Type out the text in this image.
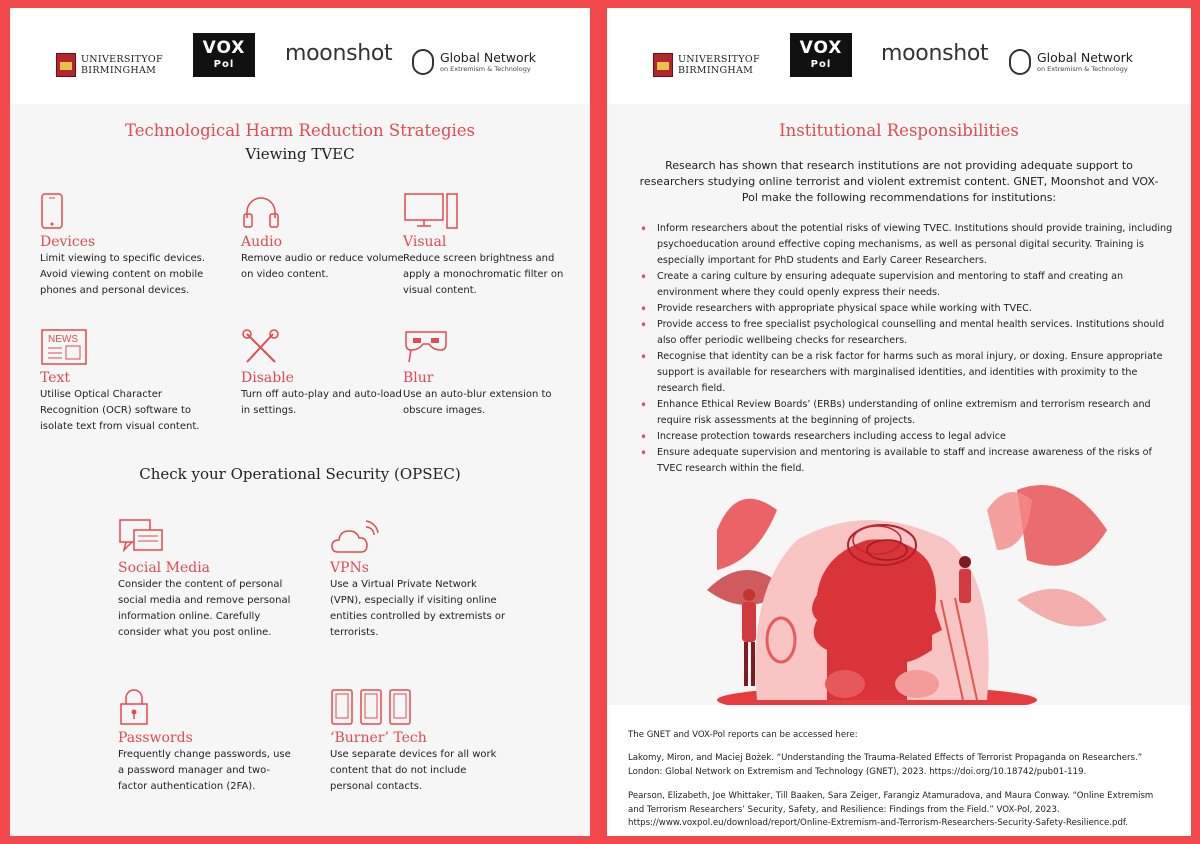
UNIVERSITYOF
BIRMINGHAM
VOX
Pol	moonshot	Global Network
on Extremism & Technology
Technological Harm Reduction Strategies
Viewing TVEC
Devices
Limit viewing to specific devices. Avoid viewing content on mobile phones and personal devices.
Audio
Remove audio or reduce volume on video content.
Visual
Reduce screen brightness and apply a monochromatic filter on visual content.
NEWS
Text
Utilise Optical Character Recognition (OCR) software to isolate text from visual content.
Disable
Turn off auto-play and auto-load in settings.
Blur
Use an auto-blur extension to obscure images.
Check your Operational Security (OPSEC)
Social Media
Consider the content of personal social media and remove personal information online. Carefully consider what you post online.
VPNs
Use a Virtual Private Network (VPN), especially if visiting online entities controlled by extremists or terrorists.
Passwords
Frequently change passwords, use a password manager and two-factor authentication (2FA).
‘Burner’ Tech
Use separate devices for all work content that do not include personal contacts.
UNIVERSITYOF
BIRMINGHAM
VOX
Pol	moonshot	Global Network
on Extremism & Technology
Institutional Responsibilities
Research has shown that research institutions are not providing adequate support to researchers studying online terrorist and violent extremist content. GNET, Moonshot and VOX-Pol make the following recommendations for institutions:
• Inform researchers about the potential risks of viewing TVEC. Institutions should provide training, including psychoeducation around effective coping mechanisms, as well as personal digital security. Training is especially important for PhD students and Early Career Researchers.
• Create a caring culture by ensuring adequate supervision and mentoring to staff and creating an environment where they could openly express their needs.
• Provide researchers with appropriate physical space while working with TVEC.
• Provide access to free specialist psychological counselling and mental health services. Institutions should also offer periodic wellbeing checks for researchers.
• Recognise that identity can be a risk factor for harms such as moral injury, or doxing. Ensure appropriate support is available for researchers with marginalised identities, and identities with proximity to the research field.
• Enhance Ethical Review Boards’ (ERBs) understanding of online extremism and terrorism research and require risk assessments at the beginning of projects.
• Increase protection towards researchers including access to legal advice
• Ensure adequate supervision and mentoring is available to staff and increase awareness of the risks of TVEC research within the field.

The GNET and VOX-Pol reports can be accessed here:

Lakomy, Miron, and Maciej Bożek. “Understanding the Trauma-Related Effects of Terrorist Propaganda on Researchers.” London: Global Network on Extremism and Technology (GNET), 2023. https://doi.org/10.18742/pub01-119.

Pearson, Elizabeth, Joe Whittaker, Till Baaken, Sara Zeiger, Farangiz Atamuradova, and Maura Conway. “Online Extremism and Terrorism Researchers’ Security, Safety, and Resilience: Findings from the Field.” VOX-Pol, 2023. https://www.voxpol.eu/download/report/Online-Extremism-and-Terrorism-Researchers-Security-Safety-Resilience.pdf.
